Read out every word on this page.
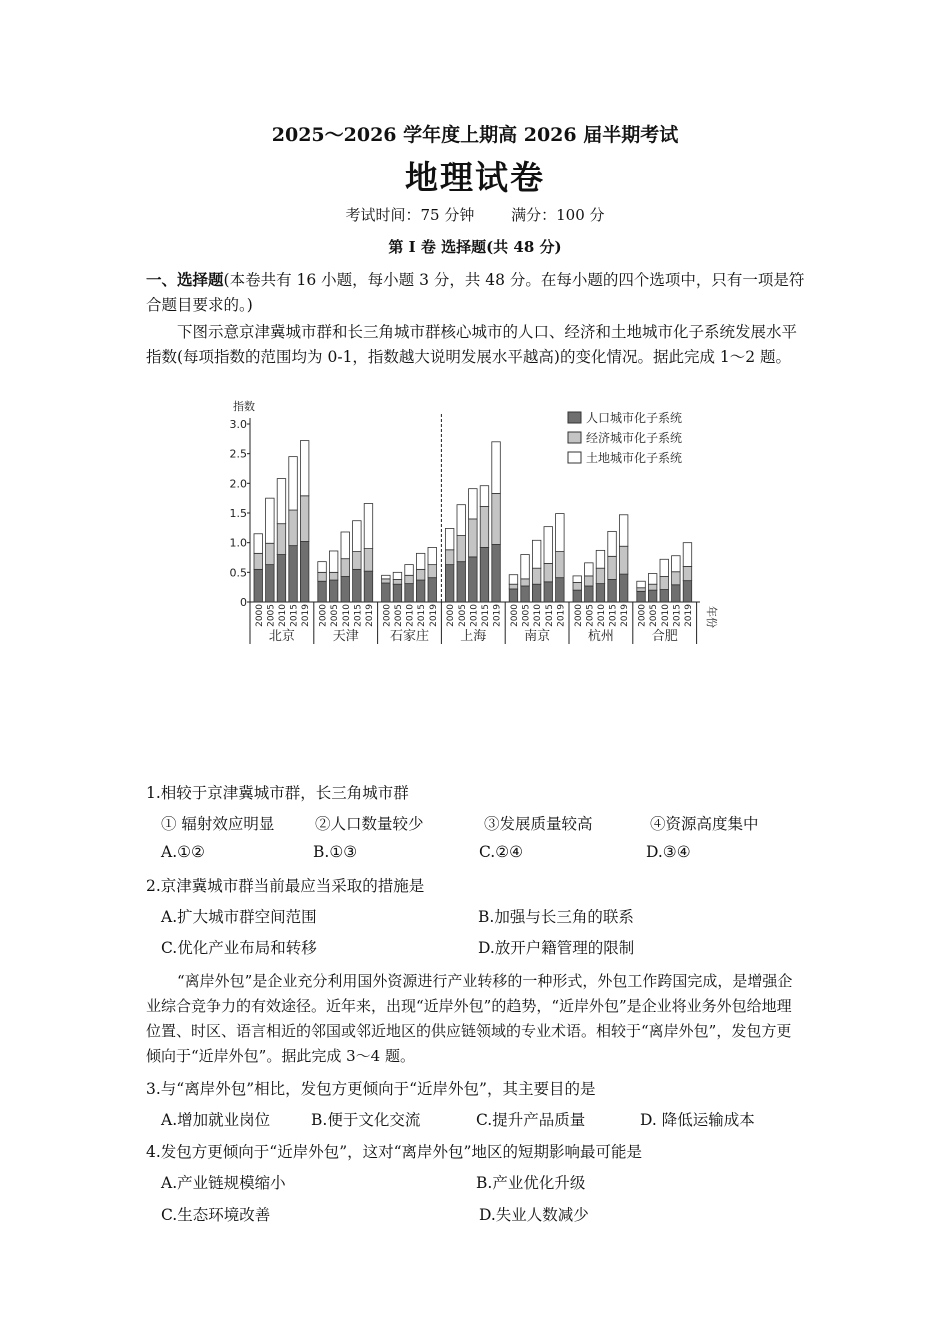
2025～2026 学年度上期高 2026 届半期考试
地理试卷
考试时间：75 分钟 满分：100 分
第 I 卷 选择题(共 48 分)
一、选择题(本卷共有 16 小题，每小题 3 分，共 48 分。在每小题的四个选项中，只有一项是符合题目要求的。)
下图示意京津冀城市群和长三角城市群核心城市的人口、经济和土地城市化子系统发展水平指数(每项指数的范围均为 0-1，指数越大说明发展水平越高)的变化情况。据此完成 1～2 题。
指数
0
0.5
1.0
1.5
2.0
2.5
3.0
2000 2005 2010 2015 2019
北京
2000 2005 2010 2015 2019
天津
2000 2005 2010 2015 2019
石家庄
2000 2005 2010 2015 2019
上海
2000 2005 2010 2015 2019
南京
2000 2005 2010 2015 2019
杭州
2000 2005 2010 2015 2019
合肥
年份
人口城市化子系统
经济城市化子系统
土地城市化子系统
1.相较于京津冀城市群，长三角城市群
① 辐射效应明显	②人口数量较少	③发展质量较高	④资源高度集中
A.①②	B.①③	C.②④	D.③④
2.京津冀城市群当前最应当采取的措施是
A.扩大城市群空间范围	B.加强与长三角的联系
C.优化产业布局和转移	D.放开户籍管理的限制
“离岸外包”是企业充分利用国外资源进行产业转移的一种形式，外包工作跨国完成，是增强企业综合竞争力的有效途径。近年来，出现“近岸外包”的趋势，“近岸外包”是企业将业务外包给地理位置、时区、语言相近的邻国或邻近地区的供应链领域的专业术语。相较于“离岸外包”，发包方更倾向于“近岸外包”。据此完成 3～4 题。
3.与“离岸外包”相比，发包方更倾向于“近岸外包”，其主要目的是
A.增加就业岗位	B.便于文化交流	C.提升产品质量	D. 降低运输成本
4.发包方更倾向于“近岸外包”，这对“离岸外包”地区的短期影响最可能是
A.产业链规模缩小	B.产业优化升级
C.生态环境改善	D.失业人数减少
